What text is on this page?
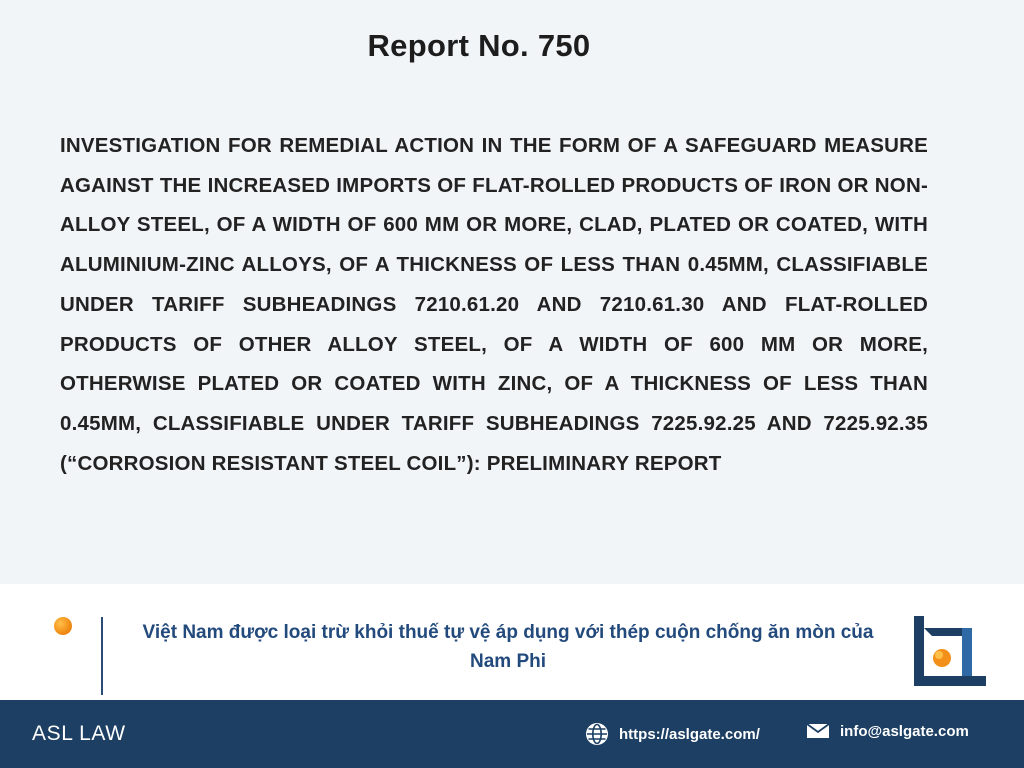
Report No. 750
INVESTIGATION FOR REMEDIAL ACTION IN THE FORM OF A SAFEGUARD MEASURE AGAINST THE INCREASED IMPORTS OF FLAT-ROLLED PRODUCTS OF IRON OR NON-ALLOY STEEL, OF A WIDTH OF 600 MM OR MORE, CLAD, PLATED OR COATED, WITH ALUMINIUM-ZINC ALLOYS, OF A THICKNESS OF LESS THAN 0.45MM, CLASSIFIABLE UNDER TARIFF SUBHEADINGS 7210.61.20 AND 7210.61.30 AND FLAT-ROLLED PRODUCTS OF OTHER ALLOY STEEL, OF A WIDTH OF 600 MM OR MORE, OTHERWISE PLATED OR COATED WITH ZINC, OF A THICKNESS OF LESS THAN 0.45MM, CLASSIFIABLE UNDER TARIFF SUBHEADINGS 7225.92.25 AND 7225.92.35 (“CORROSION RESISTANT STEEL COIL”): PRELIMINARY REPORT
Việt Nam được loại trừ khỏi thuế tự vệ áp dụng với thép cuộn chống ăn mòn của Nam Phi
ASL LAW	https://aslgate.com/	info@aslgate.com
